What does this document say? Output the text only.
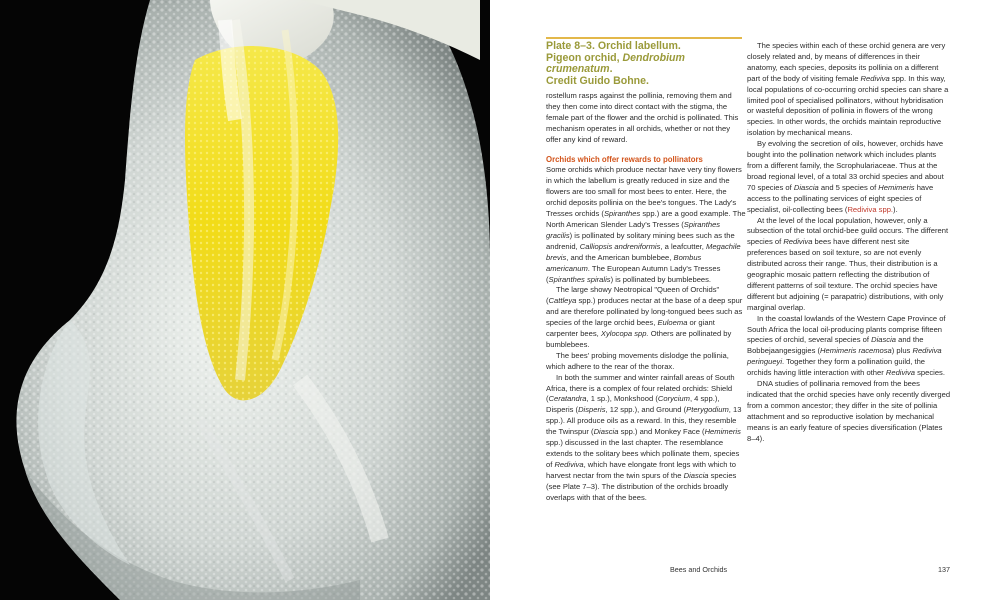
Plate 8–3. Orchid labellum.

Pigeon orchid, Dendrobium crumenatum.

Credit Guido Bohne.

rostellum rasps against the pollinia, removing them and they then come into direct contact with the stigma, the female part of the flower and the orchid is pollinated. This mechanism operates in all orchids, whether or not they offer any kind of reward.

Orchids which offer rewards to pollinators

Some orchids which produce nectar have very tiny flowers in which the labellum is greatly reduced in size and the flowers are too small for most bees to enter. Here, the orchid deposits pollinia on the bee's tongues. The Lady's Tresses orchids (Spiranthes spp.) are a good example. The North American Slender Lady's Tresses (Spiranthes gracilis) is pollinated by solitary mining bees such as the andrenid, Calliopsis andreniformis, a leafcutter, Megachile brevis, and the American bumblebee, Bombus americanum. The European Autumn Lady's Tresses (Spiranthes spiralis) is pollinated by bumblebees.

The large showy Neotropical "Queen of Orchids" (Cattleya spp.) produces nectar at the base of a deep spur and are therefore pollinated by long-tongued bees such as species of the large orchid bees, Euloema or giant carpenter bees, Xylocopa spp. Others are pollinated by bumblebees.

The bees' probing movements dislodge the pollinia, which adhere to the rear of the thorax.

In both the summer and winter rainfall areas of South Africa, there is a complex of four related orchids: Shield (Ceratandra, 1 sp.), Monkshood (Corycium, 4 spp.), Disperis (Disperis, 12 spp.), and Ground (Pterygodium, 13 spp.). All produce oils as a reward. In this, they resemble the Twinspur (Diascia spp.) and Monkey Face (Hemimeris spp.) discussed in the last chapter. The resemblance extends to the solitary bees which pollinate them, species of Rediviva, which have elongate front legs with which to harvest nectar from the twin spurs of the Diascia species (see Plate 7–3). The distribution of the orchids broadly overlaps with that of the bees.

The species within each of these orchid genera are very closely related and, by means of differences in their anatomy, each species, deposits its pollinia on a different part of the body of visiting female Rediviva spp. In this way, local populations of co-occurring orchid species can share a limited pool of specialised pollinators, without hybridisation or wasteful deposition of pollinia in flowers of the wrong species. In other words, the orchids maintain reproductive isolation by mechanical means.

By evolving the secretion of oils, however, orchids have bought into the pollination network which includes plants from a different family, the Scrophulariaceae. Thus at the broad regional level, of a total 33 orchid species and about 70 species of Diascia and 5 species of Hemimeris have access to the pollinating services of eight species of specialist, oil-collecting bees (Rediviva spp.).

At the level of the local population, however, only a subsection of the total orchid-bee guild occurs. The different species of Rediviva bees have different nest site preferences based on soil texture, so are not evenly distributed across their range. Thus, their distribution is a geographic mosaic pattern reflecting the distribution of different patterns of soil texture. The orchid species have different but adjoining (= parapatric) distributions, with only marginal overlap.

In the coastal lowlands of the Western Cape Province of South Africa the local oil-producing plants comprise fifteen species of orchid, several species of Diascia and the Bobbejaangesiggies (Hemimeris racemosa) plus Rediviva peringueyi. Together they form a pollination guild, the orchids having little interaction with other Rediviva species.

DNA studies of pollinaria removed from the bees indicated that the orchid species have only recently diverged from a common ancestor; they differ in the site of pollinia attachment and so reproductive isolation by mechanical means is an early feature of species diversification (Plates 8–4).

Bees and Orchids	137
